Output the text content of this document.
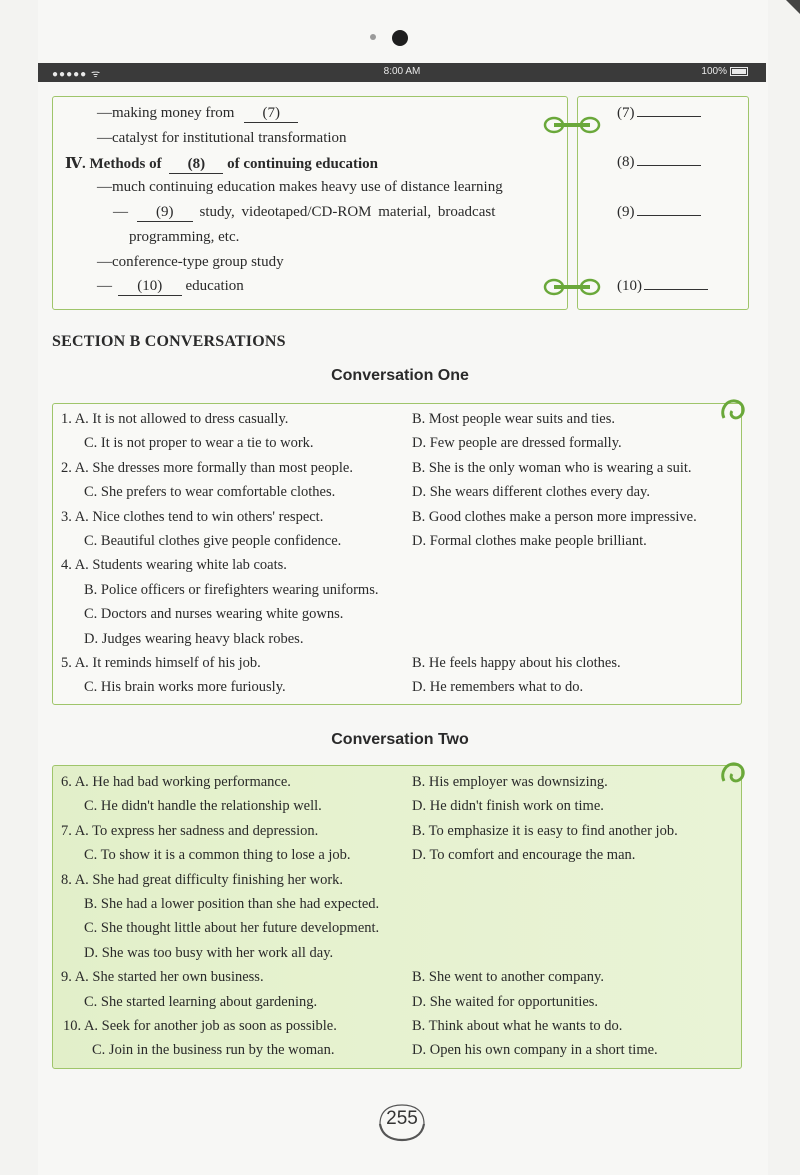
●●●●● ᯤ	8:00 AM	100%
—making money from (7)
—catalyst for institutional transformation
Ⅳ. Methods of (8) of continuing education
—much continuing education makes heavy use of distance learning
— (9) study, videotaped/CD-ROM material, broadcast
programming, etc.
—conference-type group study
— (10) education
(7)
(8)
(9)
(10)
SECTION B CONVERSATIONS
Conversation One
1. A. It is not allowed to dress casually.	B. Most people wear suits and ties.
C. It is not proper to wear a tie to work.	D. Few people are dressed formally.
2. A. She dresses more formally than most people.	B. She is the only woman who is wearing a suit.
C. She prefers to wear comfortable clothes.	D. She wears different clothes every day.
3. A. Nice clothes tend to win others' respect.	B. Good clothes make a person more impressive.
C. Beautiful clothes give people confidence.	D. Formal clothes make people brilliant.
4. A. Students wearing white lab coats.
B. Police officers or firefighters wearing uniforms.
C. Doctors and nurses wearing white gowns.
D. Judges wearing heavy black robes.
5. A. It reminds himself of his job.	B. He feels happy about his clothes.
C. His brain works more furiously.	D. He remembers what to do.
Conversation Two
6. A. He had bad working performance.	B. His employer was downsizing.
C. He didn't handle the relationship well.	D. He didn't finish work on time.
7. A. To express her sadness and depression.	B. To emphasize it is easy to find another job.
C. To show it is a common thing to lose a job.	D. To comfort and encourage the man.
8. A. She had great difficulty finishing her work.
B. She had a lower position than she had expected.
C. She thought little about her future development.
D. She was too busy with her work all day.
9. A. She started her own business.	B. She went to another company.
C. She started learning about gardening.	D. She waited for opportunities.
10. A. Seek for another job as soon as possible.	B. Think about what he wants to do.
C. Join in the business run by the woman.	D. Open his own company in a short time.
255
